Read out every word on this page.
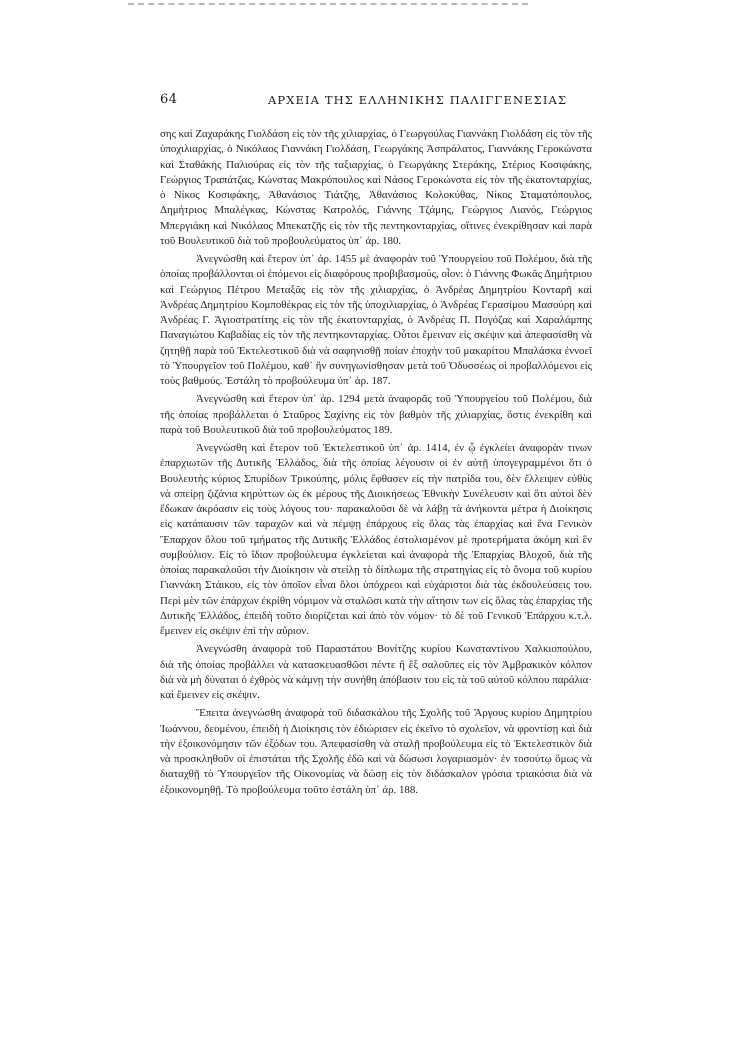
64	ΑΡΧΕΙΑ ΤΗΣ ΕΛΛΗΝΙΚΗΣ ΠΑΛΙΓΓΕΝΕΣΙΑΣ

σης καὶ Ζαχαράκης Γιολδάση εἰς τὸν τῆς χιλιαρχίας, ὁ Γεωργούλας Γιαννάκη Γιολδάση εἰς τὸν τῆς ὑποχιλιαρχίας, ὁ Νικόλαος Γιαννάκη Γιολδάση, Γεωργάκης Ἀσπράλατος, Γιαννάκης Γεροκώνστα καὶ Σταθάκης Παλιούρας εἰς τὸν τῆς ταξιαρχίας, ὁ Γεωργάκης Στεράκης, Στέριος Κοσιφάκης, Γεώργιος Τραπάτζας, Κώνστας Μακρόπουλος καὶ Νάσος Γεροκώνστα εἰς τὸν τῆς ἑκατονταρχίας, ὁ Νίκος Κοσιφάκης, Ἀθανάσιος Τιάτζης, Ἀθανάσιος Κολοκύθας, Νίκος Σταματόπουλος, Δημήτριος Μπαλέγκας, Κώνστας Κατρολός, Γιάννης Τζάμης, Γεώργιος Λιανός, Γεώργιος Μπεργιάκη καὶ Νικόλαος Μπεκατζῆς εἰς τὸν τῆς πεντηκονταρχίας, οἵτινες ἐνεκρίθησαν καὶ παρὰ τοῦ Βουλευτικοῦ διὰ τοῦ προβουλεύματος ὑπ᾽ ἀρ. 180.

Ἀνεγνώσθη καὶ ἕτερον ὑπ᾽ ἀρ. 1455 μὲ ἀναφορὰν τοῦ Ὑπουργείου τοῦ Πολέμου, διὰ τῆς ὁποίας προβάλλονται οἱ ἑπόμενοι εἰς διαφόρους προβιβασμούς, οἷον: ὁ Γιάννης Φωκᾶς Δημήτριου καὶ Γεώργιος Πέτρου Μεταξᾶς εἰς τὸν τῆς χιλιαρχίας, ὁ Ἀνδρέας Δημητρίου Κονταρῆ καὶ Ἀνδρέας Δημητρίου Κομποθέκρας εἰς τὸν τῆς ὑποχιλιαρχίας, ὁ Ἀνδρέας Γερασίμου Μασούρη καὶ Ἀνδρέας Γ. Ἁγιοστρατίτης εἰς τὸν τῆς ἑκατονταρχίας, ὁ Ἀνδρέας Π. Πογόζας καὶ Χαραλάμπης Παναγιώτου Καβαδίας εἰς τὸν τῆς πεντηκονταρχίας. Οὗτοι ἔμειναν εἰς σκέψιν καὶ ἀπεφασίσθη νὰ ζητηθῇ παρὰ τοῦ Ἐκτελεστικοῦ διὰ νὰ σαφηνισθῇ ποίαν ἐποχὴν τοῦ μακαρίτου Μπαλάσκα ἐννοεῖ τὸ Ὑπουργεῖον τοῦ Πολέμου, καθ᾽ ἣν συνηγωνίσθησαν μετὰ τοῦ Ὀδυσσέως οἱ προβαλλόμενοι εἰς τοὺς βαθμούς. Ἐστάλη τὸ προβούλευμα ὑπ᾽ ἀρ. 187.

Ἀνεγνώσθη καὶ ἕτερον ὑπ᾽ ἀρ. 1294 μετὰ ἀναφορᾶς τοῦ Ὑπουργείου τοῦ Πολέμου, διὰ τῆς ὁποίας προβάλλεται ὁ Σταῦρος Σαχίνης εἰς τὸν βαθμὸν τῆς χιλιαρχίας, ὅστις ἐνεκρίθη καὶ παρὰ τοῦ Βουλευτικοῦ διὰ τοῦ προβουλεύματος 189.

Ἀνεγνώσθη καὶ ἕτερον τοῦ Ἐκτελεστικοῦ ὑπ᾽ ἀρ. 1414, ἐν ᾧ ἐγκλείει ἀναφορὰν τινων ἐπαρχιωτῶν τῆς Δυτικῆς Ἑλλάδος, διὰ τῆς ὁποίας λέγουσιν οἱ ἐν αὐτῇ ὑπογεγραμμένοι ὅτι ὁ Βουλευτὴς κύριος Σπυρίδων Τρικούπης, μόλις ἔφθασεν εἰς τὴν πατρίδα του, δὲν ἔλλειψεν εὐθὺς νὰ σπείρῃ ζιζάνια κηρύττων ὡς ἐκ μέρους τῆς Διοικήσεως Ἐθνικὴν Συνέλευσιν καὶ ὅτι αὐτοὶ δὲν ἔδωκαν ἀκρόασιν εἰς τοὺς λόγους του· παρακαλοῦσι δὲ νὰ λάβῃ τὰ ἀνήκοντα μέτρα ἡ Διοίκησις εἰς κατάπαυσιν τῶν ταραχῶν καὶ νὰ πέμψῃ ἐπάρχους εἰς ὅλας τὰς ἐπαρχίας καὶ ἕνα Γενικὸν Ἔπαρχον ὅλου τοῦ τμήματος τῆς Δυτικῆς Ἑλλάδος ἐστολισμένον μὲ προτερήματα ἀκόμη καὶ ἓν συμβούλιον. Εἰς τὸ ἴδιον προβούλευμα ἐγκλείεται καὶ ἀναφορὰ τῆς Ἐπαρχίας Βλοχοῦ, διὰ τῆς ὁποίας παρακαλοῦσι τὴν Διοίκησιν νὰ στείλῃ τὸ δίπλωμα τῆς στρατηγίας εἰς τὸ ὄνομα τοῦ κυρίου Γιαννάκη Στάικου, εἰς τὸν ὁποῖον εἶναι ὅλοι ὑπόχρεοι καὶ εὐχάριστοι διὰ τὰς ἐκδουλεύσεις του. Περὶ μὲν τῶν ἐπάρχων ἐκρίθη νόμιμον νὰ σταλῶσι κατὰ τὴν αἴτησιν των εἰς ὅλας τὰς ἐπαρχίας τῆς Δυτικῆς Ἑλλάδος, ἐπειδὴ τοῦτο διορίζεται καὶ ἀπὸ τὸν νόμον· τὸ δὲ τοῦ Γενικοῦ Ἐπάρχου κ.τ.λ. ἔμεινεν εἰς σκέψιν ἐπὶ τὴν αὔριον.

Ἀνεγνώσθη ἀναφορὰ τοῦ Παραστάτου Βονίτζης κυρίου Κωνσταντίνου Χαλκιοπούλου, διὰ τῆς ὁποίας προβάλλει νὰ κατασκευασθῶσι πέντε ἢ ἓξ σαλοῦπες εἰς τὸν Ἀμβρακικὸν κόλπον διὰ νὰ μὴ δύναται ὁ ἐχθρὸς νὰ κάμνῃ τὴν συνήθη ἀπόβασιν του εἰς τὰ τοῦ αὐτοῦ κόλπου παράλια· καὶ ἔμεινεν εἰς σκέψιν.

Ἔπειτα ἀνεγνώσθη ἀναφορὰ τοῦ διδασκάλου τῆς Σχολῆς τοῦ Ἄργους κυρίου Δημητρίου Ἰωάννου, δεομένου, ἐπειδὴ ἡ Διοίκησις τὸν ἐδιώρισεν εἰς ἐκεῖνο τὸ σχολεῖον, νὰ φροντίσῃ καὶ διὰ τὴν ἐξοικονόμησιν τῶν ἐξόδων του. Ἀπεφασίσθη νὰ σταλῇ προβούλευμα εἰς τὸ Ἐκτελεστικὸν διὰ νὰ προσκληθοῦν οἱ ἐπιστάται τῆς Σχολῆς ἐδῶ καὶ νὰ δώσωσι λογαριασμὸν· ἐν τοσούτῳ ὅμως νὰ διαταχθῇ τὸ Ὑπουργεῖον τῆς Οἰκονομίας νὰ δώσῃ εἰς τὸν διδάσκαλον γρόσια τριακόσια διὰ νὰ ἐξοικονομηθῇ. Τὸ προβούλευμα τοῦτο ἐστάλη ὑπ᾽ ἀρ. 188.
